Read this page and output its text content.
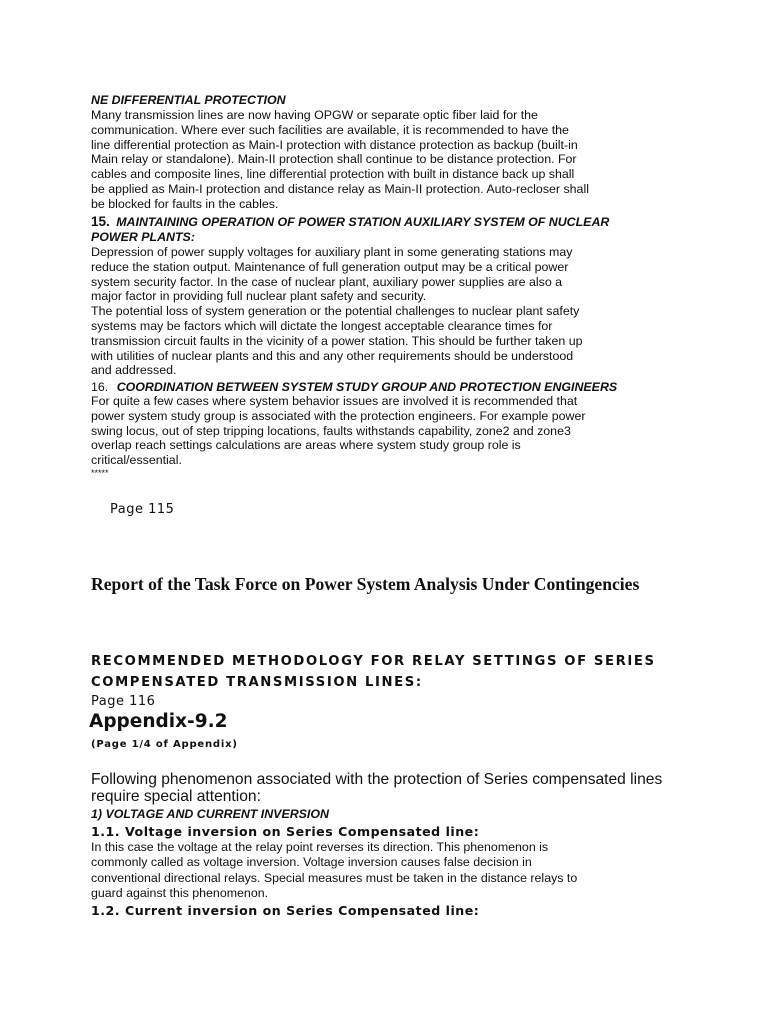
NE DIFFERENTIAL PROTECTION
Many transmission lines are now having OPGW or separate optic fiber laid for the
communication. Where ever such facilities are available, it is recommended to have the
line differential protection as Main-I protection with distance protection as backup (built-in
Main relay or standalone). Main-II protection shall continue to be distance protection. For
cables and composite lines, line differential protection with built in distance back up shall
be applied as Main-I protection and distance relay as Main-II protection. Auto-recloser shall
be blocked for faults in the cables.
15. MAINTAINING OPERATION OF POWER STATION AUXILIARY SYSTEM OF NUCLEAR
POWER PLANTS:
Depression of power supply voltages for auxiliary plant in some generating stations may
reduce the station output. Maintenance of full generation output may be a critical power
system security factor. In the case of nuclear plant, auxiliary power supplies are also a
major factor in providing full nuclear plant safety and security.
The potential loss of system generation or the potential challenges to nuclear plant safety
systems may be factors which will dictate the longest acceptable clearance times for
transmission circuit faults in the vicinity of a power station. This should be further taken up
with utilities of nuclear plants and this and any other requirements should be understood
and addressed.
16. COORDINATION BETWEEN SYSTEM STUDY GROUP AND PROTECTION ENGINEERS
For quite a few cases where system behavior issues are involved it is recommended that
power system study group is associated with the protection engineers. For example power
swing locus, out of step tripping locations, faults withstands capability, zone2 and zone3
overlap reach settings calculations are areas where system study group role is
critical/essential.
*****
Page 115
Report of the Task Force on Power System Analysis Under Contingencies
RECOMMENDED METHODOLOGY FOR RELAY SETTINGS OF SERIES
COMPENSATED TRANSMISSION LINES:
Page 116
Appendix-9.2
(Page 1/4 of Appendix)
Following phenomenon associated with the protection of Series compensated lines
require special attention:
1) VOLTAGE AND CURRENT INVERSION
1.1. Voltage inversion on Series Compensated line:
In this case the voltage at the relay point reverses its direction. This phenomenon is
commonly called as voltage inversion. Voltage inversion causes false decision in
conventional directional relays. Special measures must be taken in the distance relays to
guard against this phenomenon.
1.2. Current inversion on Series Compensated line:
